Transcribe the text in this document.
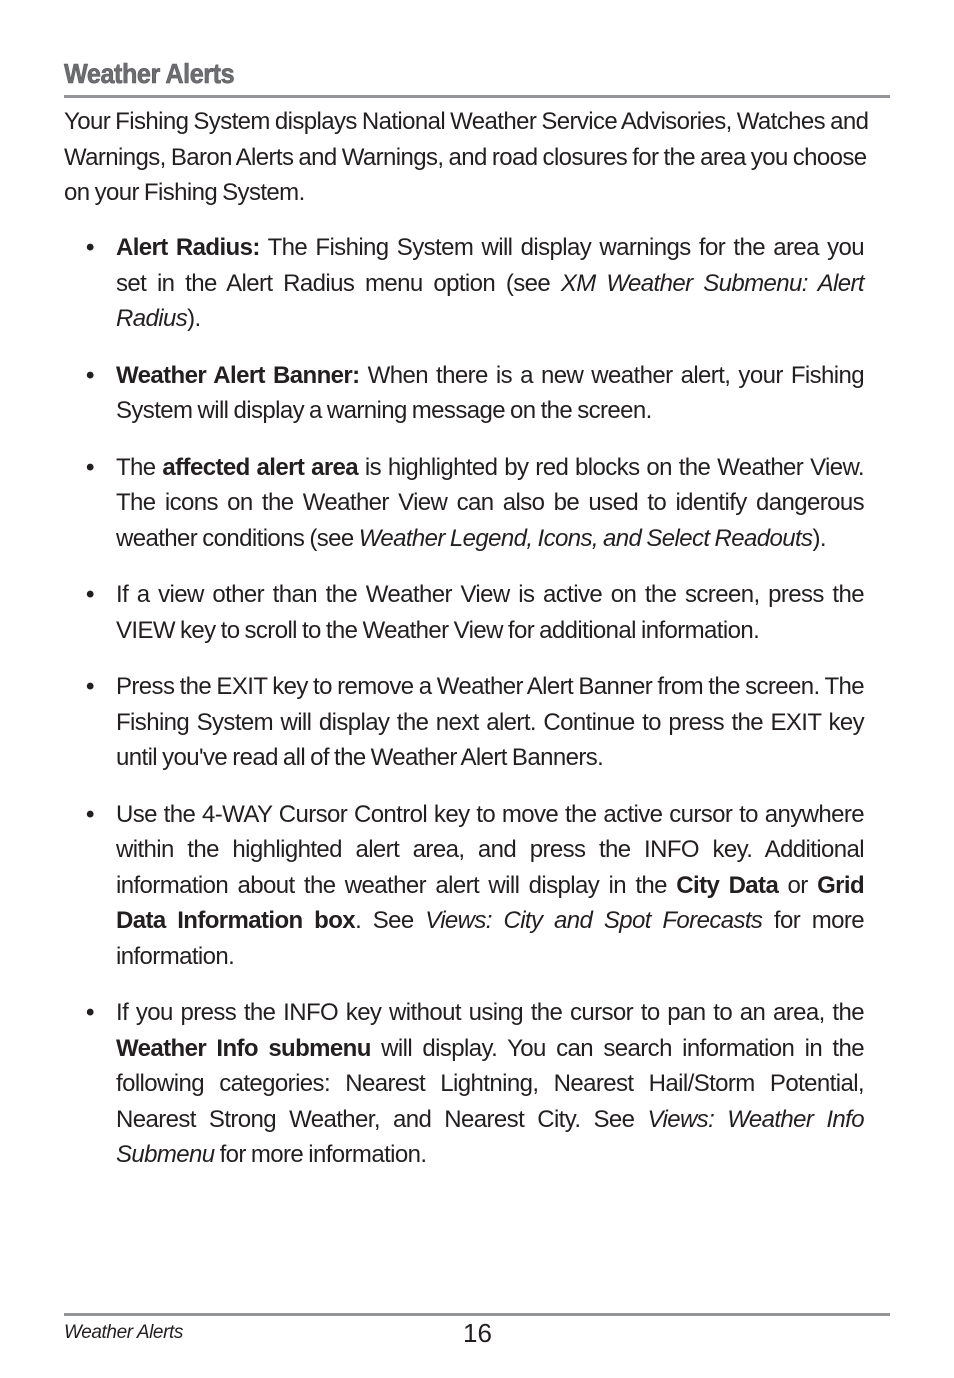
Weather Alerts

Your Fishing System displays National Weather Service Advisories, Watches and Warnings, Baron Alerts and Warnings, and road closures for the area you choose on your Fishing System.

• Alert Radius: The Fishing System will display warnings for the area you set in the Alert Radius menu option (see XM Weather Submenu: Alert Radius).
• Weather Alert Banner: When there is a new weather alert, your Fishing System will display a warning message on the screen.
• The affected alert area is highlighted by red blocks on the Weather View. The icons on the Weather View can also be used to identify dangerous weather conditions (see Weather Legend, Icons, and Select Readouts).
• If a view other than the Weather View is active on the screen, press the VIEW key to scroll to the Weather View for additional information.
• Press the EXIT key to remove a Weather Alert Banner from the screen. The Fishing System will display the next alert. Continue to press the EXIT key until you've read all of the Weather Alert Banners.
• Use the 4-WAY Cursor Control key to move the active cursor to anywhere within the highlighted alert area, and press the INFO key. Additional information about the weather alert will display in the City Data or Grid Data Information box. See Views: City and Spot Forecasts for more information.
• If you press the INFO key without using the cursor to pan to an area, the Weather Info submenu will display. You can search information in the following categories: Nearest Lightning, Nearest Hail/Storm Potential, Nearest Strong Weather, and Nearest City. See Views: Weather Info Submenu for more information.
Weather Alerts	16
